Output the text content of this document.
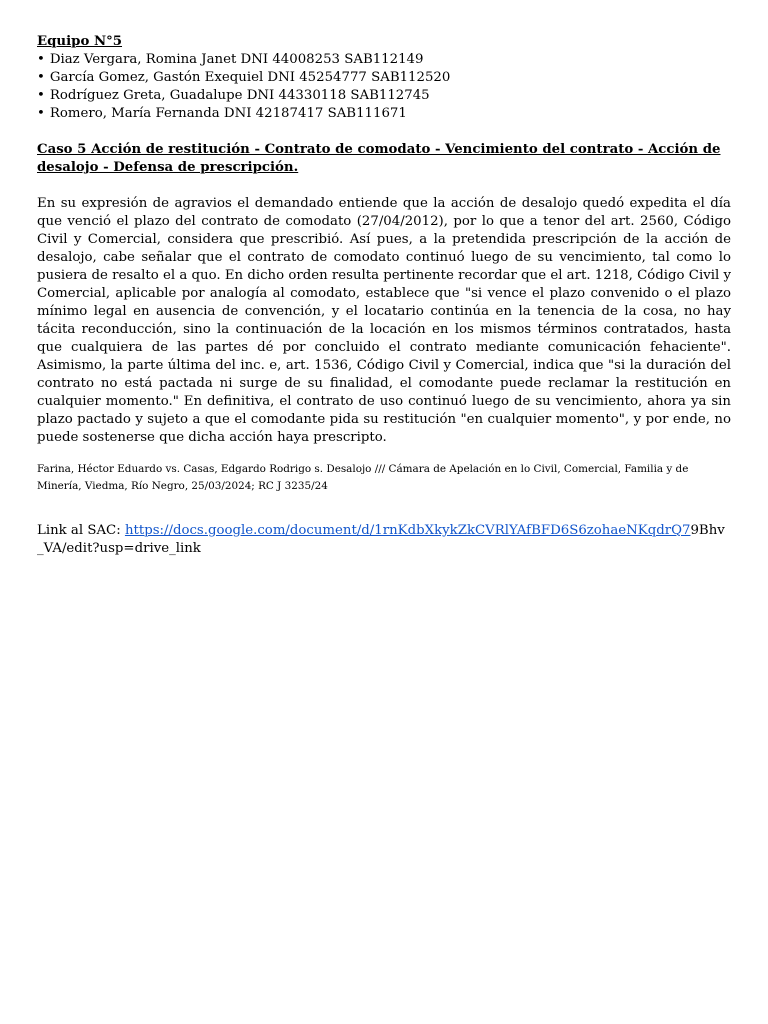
Equipo N°5

• Diaz Vergara, Romina Janet DNI 44008253 SAB112149
• García Gomez, Gastón Exequiel DNI 45254777 SAB112520
• Rodríguez Greta, Guadalupe DNI 44330118 SAB112745
• Romero, María Fernanda DNI 42187417 SAB111671

Caso 5 Acción de restitución - Contrato de comodato - Vencimiento del contrato - Acción de desalojo - Defensa de prescripción.

En su expresión de agravios el demandado entiende que la acción de desalojo quedó expedita el día que venció el plazo del contrato de comodato (27/04/2012), por lo que a tenor del art. 2560, Código Civil y Comercial, considera que prescribió. Así pues, a la pretendida prescripción de la acción de desalojo, cabe señalar que el contrato de comodato continuó luego de su vencimiento, tal como lo pusiera de resalto el a quo. En dicho orden resulta pertinente recordar que el art. 1218, Código Civil y Comercial, aplicable por analogía al comodato, establece que "si vence el plazo convenido o el plazo mínimo legal en ausencia de convención, y el locatario continúa en la tenencia de la cosa, no hay tácita reconducción, sino la continuación de la locación en los mismos términos contratados, hasta que cualquiera de las partes dé por concluido el contrato mediante comunicación fehaciente". Asimismo, la parte última del inc. e, art. 1536, Código Civil y Comercial, indica que "si la duración del contrato no está pactada ni surge de su finalidad, el comodante puede reclamar la restitución en cualquier momento." En definitiva, el contrato de uso continuó luego de su vencimiento, ahora ya sin plazo pactado y sujeto a que el comodante pida su restitución "en cualquier momento", y por ende, no puede sostenerse que dicha acción haya prescripto.

Farina, Héctor Eduardo vs. Casas, Edgardo Rodrigo s. Desalojo /// Cámara de Apelación en lo Civil, Comercial, Familia y de Minería, Viedma, Río Negro, 25/03/2024; RC J 3235/24

Link al SAC: https://docs.google.com/document/d/1rnKdbXkykZkCVRlYAfBFD6S6zohaeNKqdrQ79Bhv_VA/edit?usp=drive_link
